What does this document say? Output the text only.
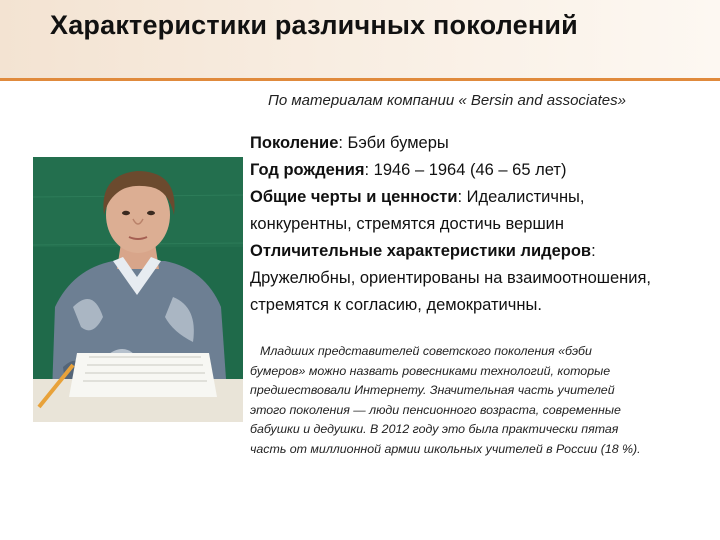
Характеристики различных поколений
По материалам компании « Bersin and associates»

Поколение: Бэби бумеры

Год рождения: 1946 – 1964 (46 – 65 лет)

Общие черты и ценности: Идеалистичны,

конкурентны, стремятся достичь вершин

Отличительные характеристики лидеров:

Дружелюбны, ориентированы на взаимоотношения,

стремятся к согласию, демократичны.

Младших представителей советского поколения «бэби
бумеров» можно назвать ровесниками технологий, которые
предшествовали Интернету. Значительная часть учителей
этого поколения — люди пенсионного возраста, современные
бабушки и дедушки. В 2012 году это была практически пятая
часть от миллионной армии школьных учителей в России (18 %).
